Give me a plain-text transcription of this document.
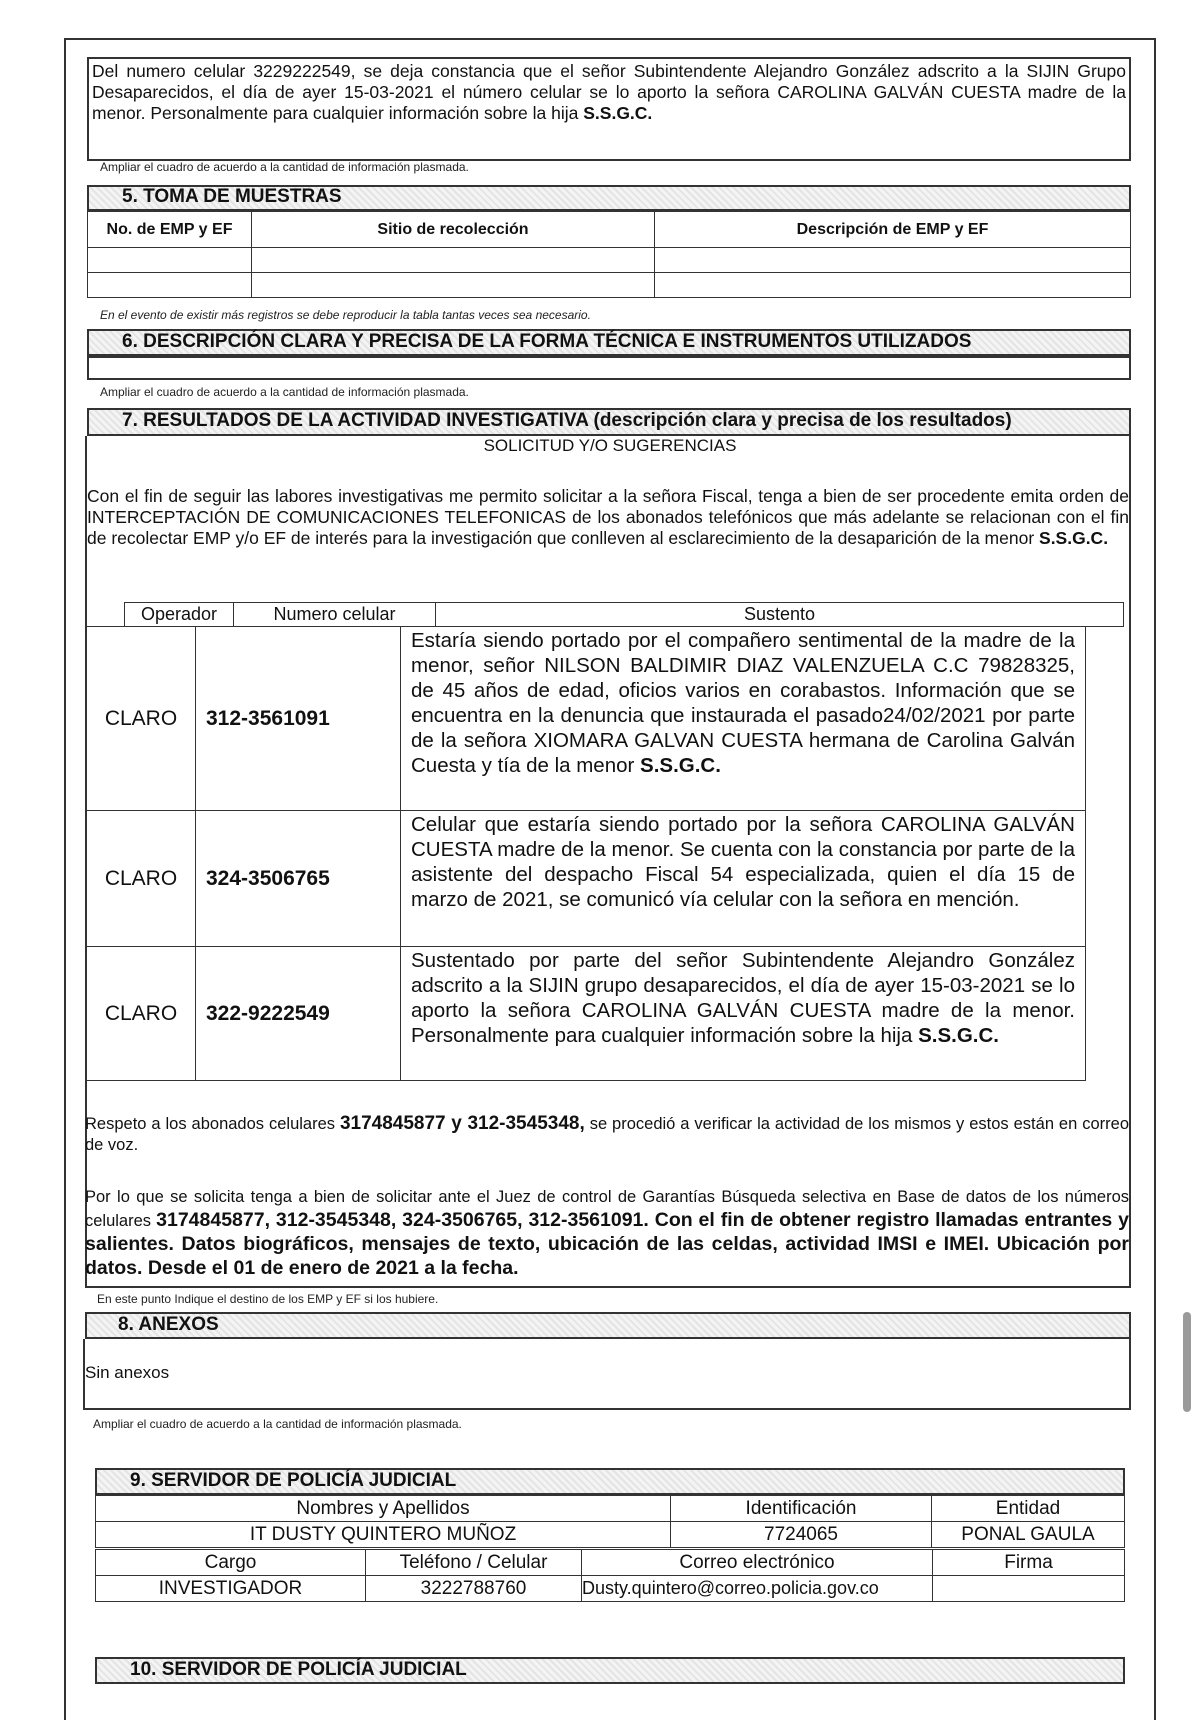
Del numero celular 3229222549, se deja constancia que el señor Subintendente Alejandro González adscrito a la SIJIN Grupo Desaparecidos, el día de ayer 15-03-2021 el número celular se lo aporto la señora CAROLINA GALVÁN CUESTA madre de la menor. Personalmente para cualquier información sobre la hija S.S.G.C.
Ampliar el cuadro de acuerdo a la cantidad de información plasmada.
5. TOMA DE MUESTRAS
No. de EMP y EF	Sitio de recolección	Descripción de EMP y EF

En el evento de existir más registros se debe reproducir la tabla tantas veces sea necesario.
6. DESCRIPCIÓN CLARA Y PRECISA DE LA FORMA TÉCNICA E INSTRUMENTOS UTILIZADOS
Ampliar el cuadro de acuerdo a la cantidad de información plasmada.
7. RESULTADOS DE LA ACTIVIDAD INVESTIGATIVA (descripción clara y precisa de los resultados)
SOLICITUD Y/O SUGERENCIAS
Con el fin de seguir las labores investigativas me permito solicitar a la señora Fiscal, tenga a bien de ser procedente emita orden de INTERCEPTACIÓN DE COMUNICACIONES TELEFONICAS de los abonados telefónicos que más adelante se relacionan con el fin de recolectar EMP y/o EF de interés para la investigación que conlleven al esclarecimiento de la desaparición de la menor S.S.G.C.
Operador	Numero celular	Sustento
CLARO	312-3561091	Estaría siendo portado por el compañero sentimental de la madre de la menor, señor NILSON BALDIMIR DIAZ VALENZUELA C.C 79828325, de 45 años de edad, oficios varios en corabastos. Información que se encuentra en la denuncia que instaurada el pasado24/02/2021 por parte de la señora XIOMARA GALVAN CUESTA hermana de Carolina Galván Cuesta y tía de la menor S.S.G.C.
CLARO	324-3506765	Celular que estaría siendo portado por la señora CAROLINA GALVÁN CUESTA madre de la menor. Se cuenta con la constancia por parte de la asistente del despacho Fiscal 54 especializada, quien el día 15 de marzo de 2021, se comunicó vía celular con la señora en mención.
CLARO	322-9222549	Sustentado por parte del señor Subintendente Alejandro González adscrito a la SIJIN grupo desaparecidos, el día de ayer 15-03-2021 se lo aporto la señora CAROLINA GALVÁN CUESTA madre de la menor. Personalmente para cualquier información sobre la hija S.S.G.C.
Respeto a los abonados celulares 3174845877 y 312-3545348, se procedió a verificar la actividad de los mismos y estos están en correo de voz.
Por lo que se solicita tenga a bien de solicitar ante el Juez de control de Garantías Búsqueda selectiva en Base de datos de los números celulares 3174845877, 312-3545348, 324-3506765, 312-3561091. Con el fin de obtener registro llamadas entrantes y salientes. Datos biográficos, mensajes de texto, ubicación de las celdas, actividad IMSI e IMEI. Ubicación por datos. Desde el 01 de enero de 2021 a la fecha.
En este punto Indique el destino de los EMP y EF si los hubiere.
8. ANEXOS
Sin anexos
Ampliar el cuadro de acuerdo a la cantidad de información plasmada.
9. SERVIDOR DE POLICÍA JUDICIAL
Nombres y Apellidos	Identificación	Entidad
IT DUSTY QUINTERO MUÑOZ	7724065	PONAL GAULA
Cargo	Teléfono / Celular	Correo electrónico	Firma
INVESTIGADOR	3222788760	Dusty.quintero@correo.policia.gov.co	
10. SERVIDOR DE POLICÍA JUDICIAL
